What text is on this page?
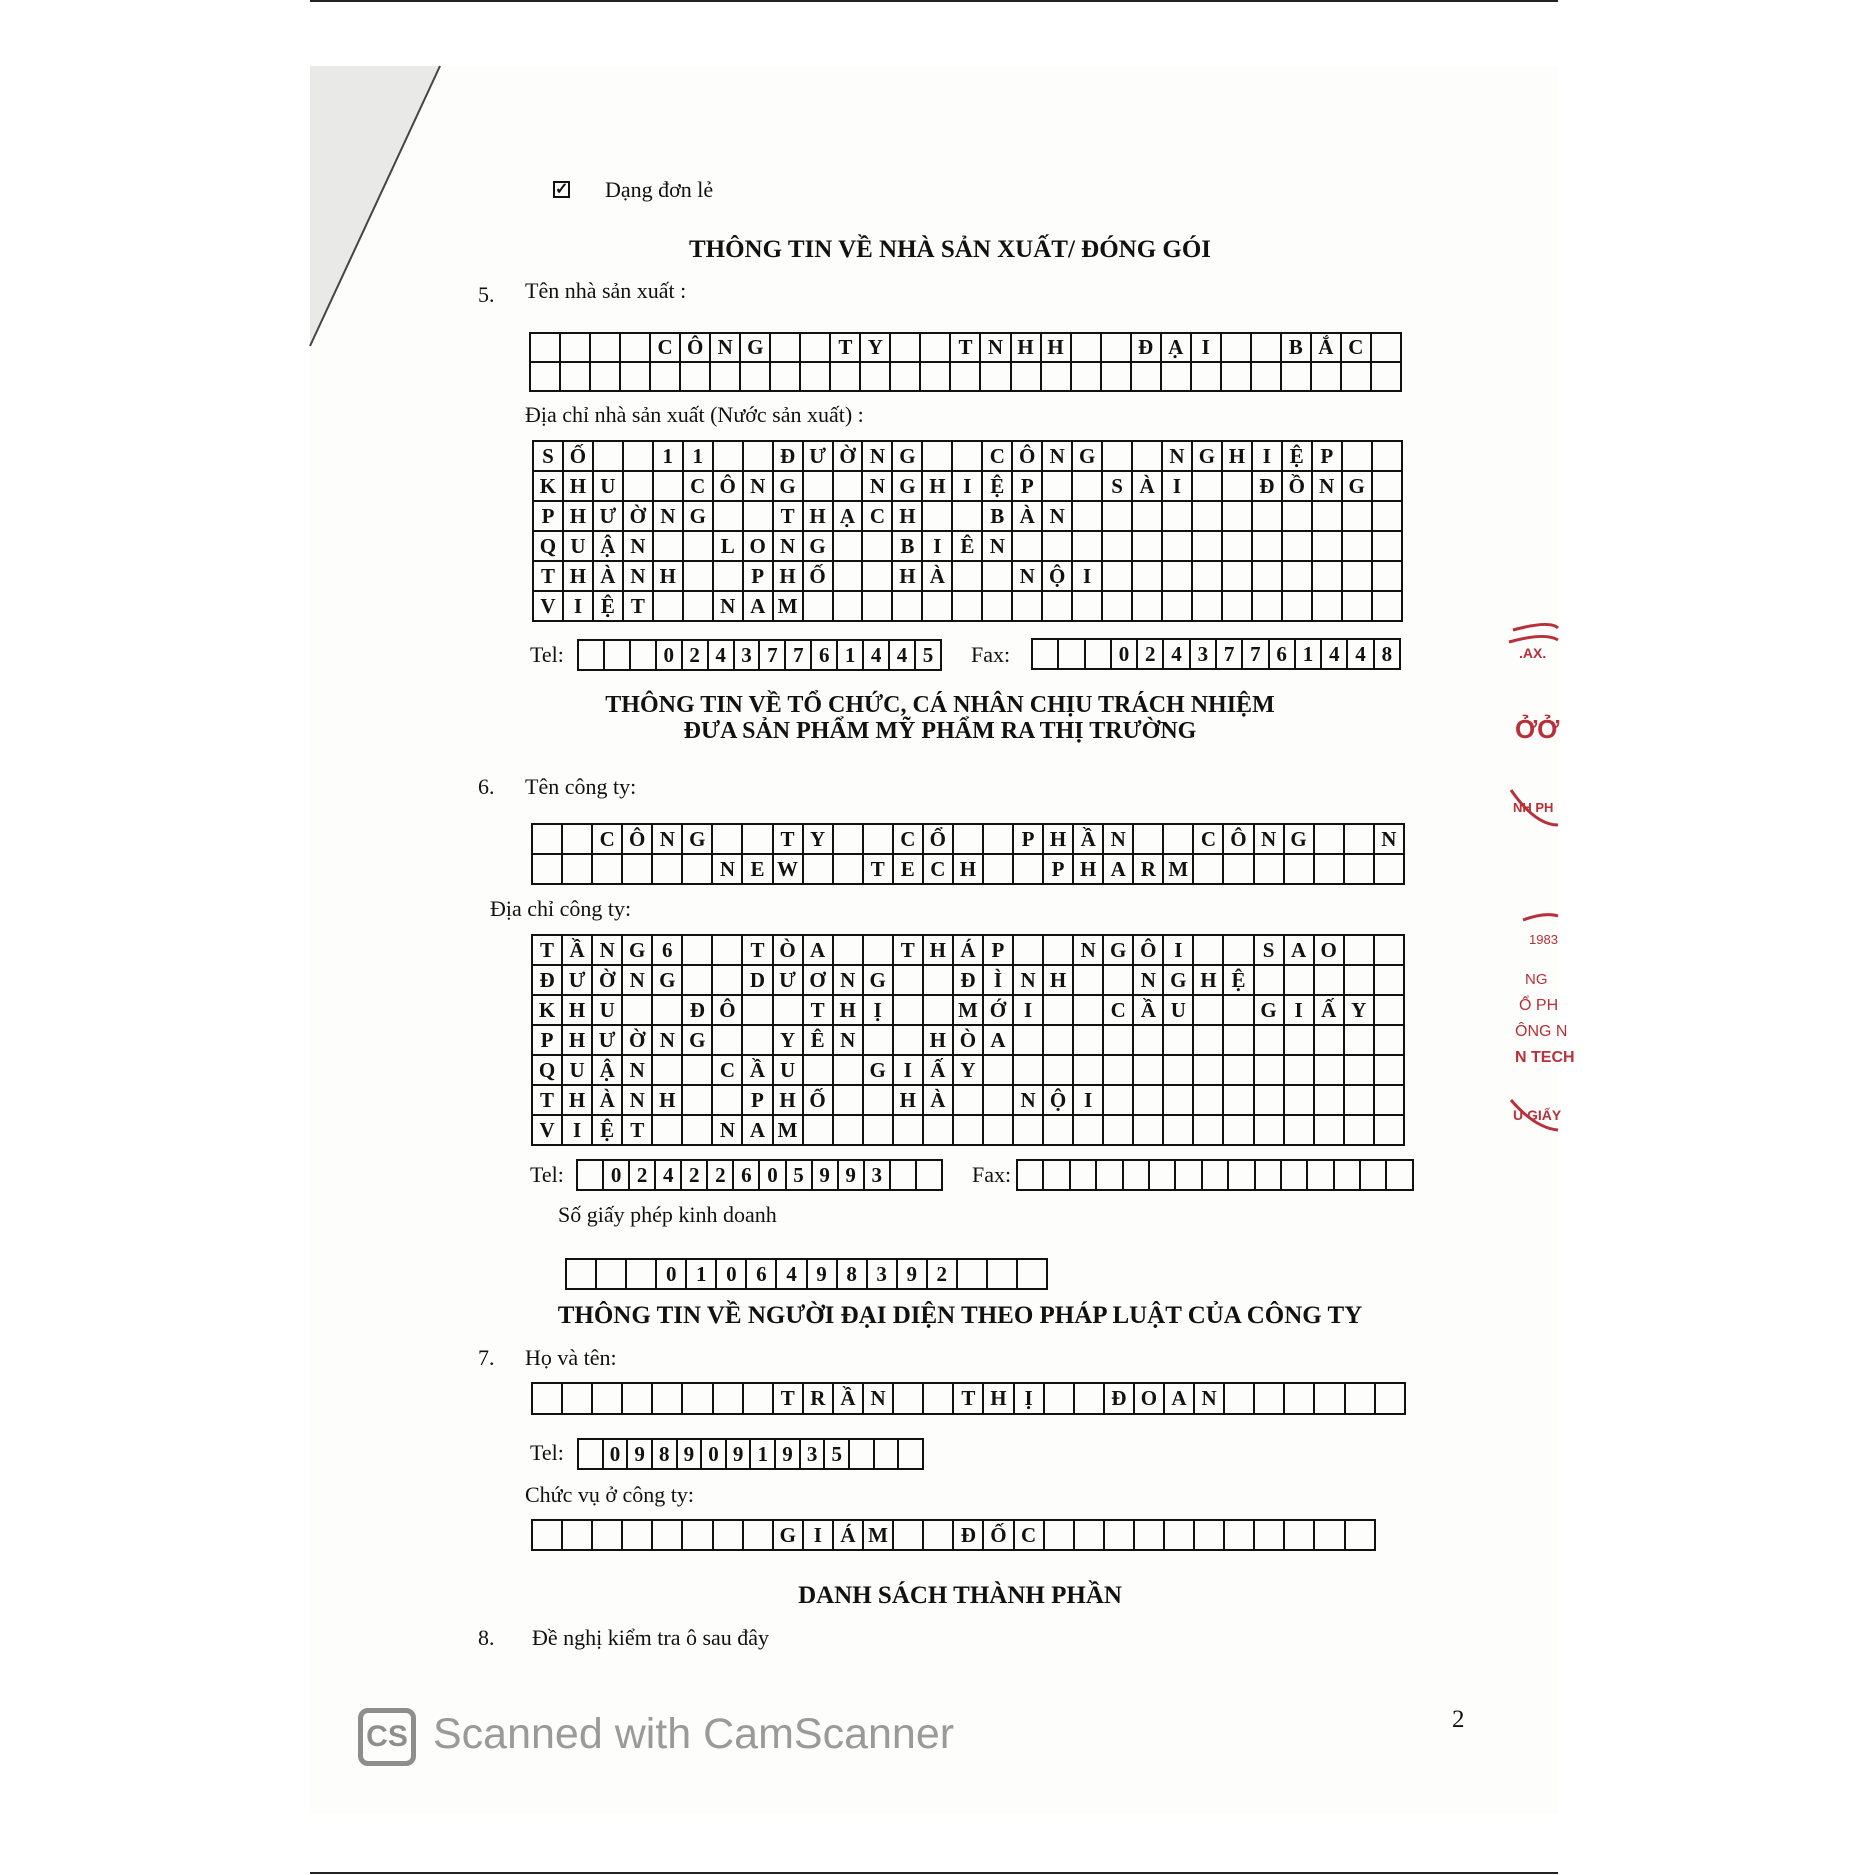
✓ Dạng đơn lẻ
THÔNG TIN VỀ NHÀ SẢN XUẤT/ ĐÓNG GÓI
5. Tên nhà sản xuất :
				C	Ô	N	G			T	Y			T	N	H	H			Đ	Ạ	I			B	Ắ	C	

Địa chỉ nhà sản xuất (Nước sản xuất) :
S	Ố			1	1			Đ	Ư	Ờ	N	G			C	Ô	N	G			N	G	H	I	Ệ	P		
K	H	U			C	Ô	N	G			N	G	H	I	Ệ	P			S	À	I			Đ	Ồ	N	G	
P	H	Ư	Ờ	N	G			T	H	Ạ	C	H			B	À	N											
Q	U	Ậ	N			L	O	N	G			B	I	Ê	N													
T	H	À	N	H			P	H	Ố			H	À			N	Ộ	I										
V	I	Ệ	T			N	A	M																				
Tel:
				0	2	4	3	7	7	6	1	4	4	5 Fax:
				0	2	4	3	7	7	6	1	4	4	8
THÔNG TIN VỀ TỔ CHỨC, CÁ NHÂN CHỊU TRÁCH NHIỆM
ĐƯA SẢN PHẨM MỸ PHẨM RA THỊ TRƯỜNG
6. Tên công ty:
		C	Ô	N	G			T	Y			C	Ổ			P	H	Ầ	N			C	Ô	N	G			N
						N	E	W			T	E	C	H			P	H	A	R	M							
Địa chỉ công ty:
T	Ầ	N	G	6			T	Ò	A			T	H	Á	P			N	G	Ô	I			S	A	O		
Đ	Ư	Ờ	N	G			D	Ư	Ơ	N	G			Đ	Ì	N	H			N	G	H	Ệ					
K	H	U			Đ	Ô			T	H	Ị			M	Ớ	I			C	Ầ	U			G	I	Ấ	Y	
P	H	Ư	Ờ	N	G			Y	Ê	N			H	Ò	A													
Q	U	Ậ	N			C	Ầ	U			G	I	Ấ	Y														
T	H	À	N	H			P	H	Ố			H	À			N	Ộ	I										
V	I	Ệ	T			N	A	M																				
Tel:
	0	2	4	2	2	6	0	5	9	9	3			Fax:

Số giấy phép kinh doanh
			0	1	0	6	4	9	8	3	9	2			
THÔNG TIN VỀ NGƯỜI ĐẠI DIỆN THEO PHÁP LUẬT CỦA CÔNG TY
7. Họ và tên:
								T	R	Ầ	N			T	H	Ị			Đ	O	A	N						
Tel:
	0	9	8	9	0	9	1	9	3	5			
Chức vụ ở công ty:
								G	I	Á	M			Đ	Ố	C											
DANH SÁCH THÀNH PHẦN
8. Đề nghị kiểm tra ô sau đây
2
.AX.
ỞỞ
NH PH
1983
NG
Ổ PH
ÔNG N
N TECH
U GIẤY
CS Scanned with CamScanner
